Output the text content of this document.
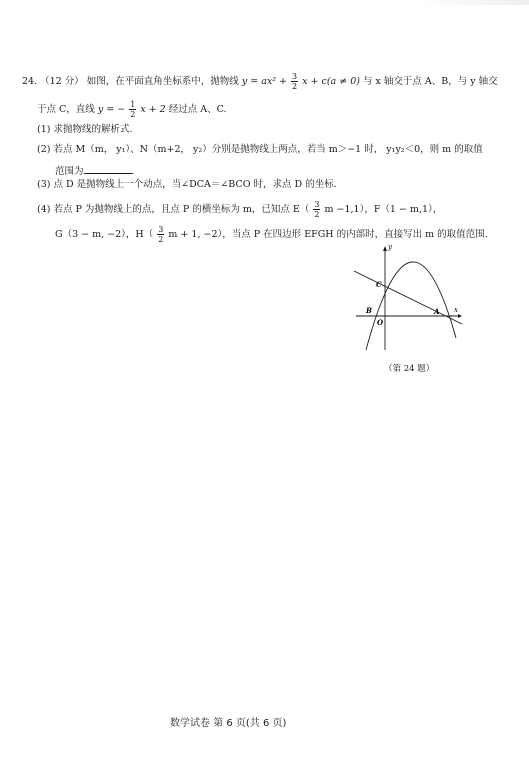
24. （12 分） 如图，在平面直角坐标系中，抛物线 $y = ax^2 + \frac{3}{2}$ x + c(a ≠ 0) 与 x 轴交于点 A、B，与 y 轴交
于点 C，直线 y = − $\frac{1}{2}$ x + 2 经过点 A、C.
(1) 求抛物线的解析式.
(2) 若点 M（m， y₁）、N（m+2， y₂）分别是抛物线上两点，若当 m＞−1 时， y₁y₂＜0，则 m 的取值
范围为	.
(3) 点 D 是抛物线上一个动点，当∠DCA＝∠BCO 时，求点 D 的坐标.
(4) 若点 P 为抛物线上的点，且点 P 的横坐标为 m，已知点 $E( \frac{3}{2}$ m −1,1），F（1 − m,1），
G（3 − m, −2），$H( \frac{3}{2}$ m + 1, −2），当点 P 在四边形 EFGH 的内部时，直接写出 m 的取值范围.
y
x
C
B
O
A
（第 24 题）
数学试卷 第 6 页(共 6 页)
